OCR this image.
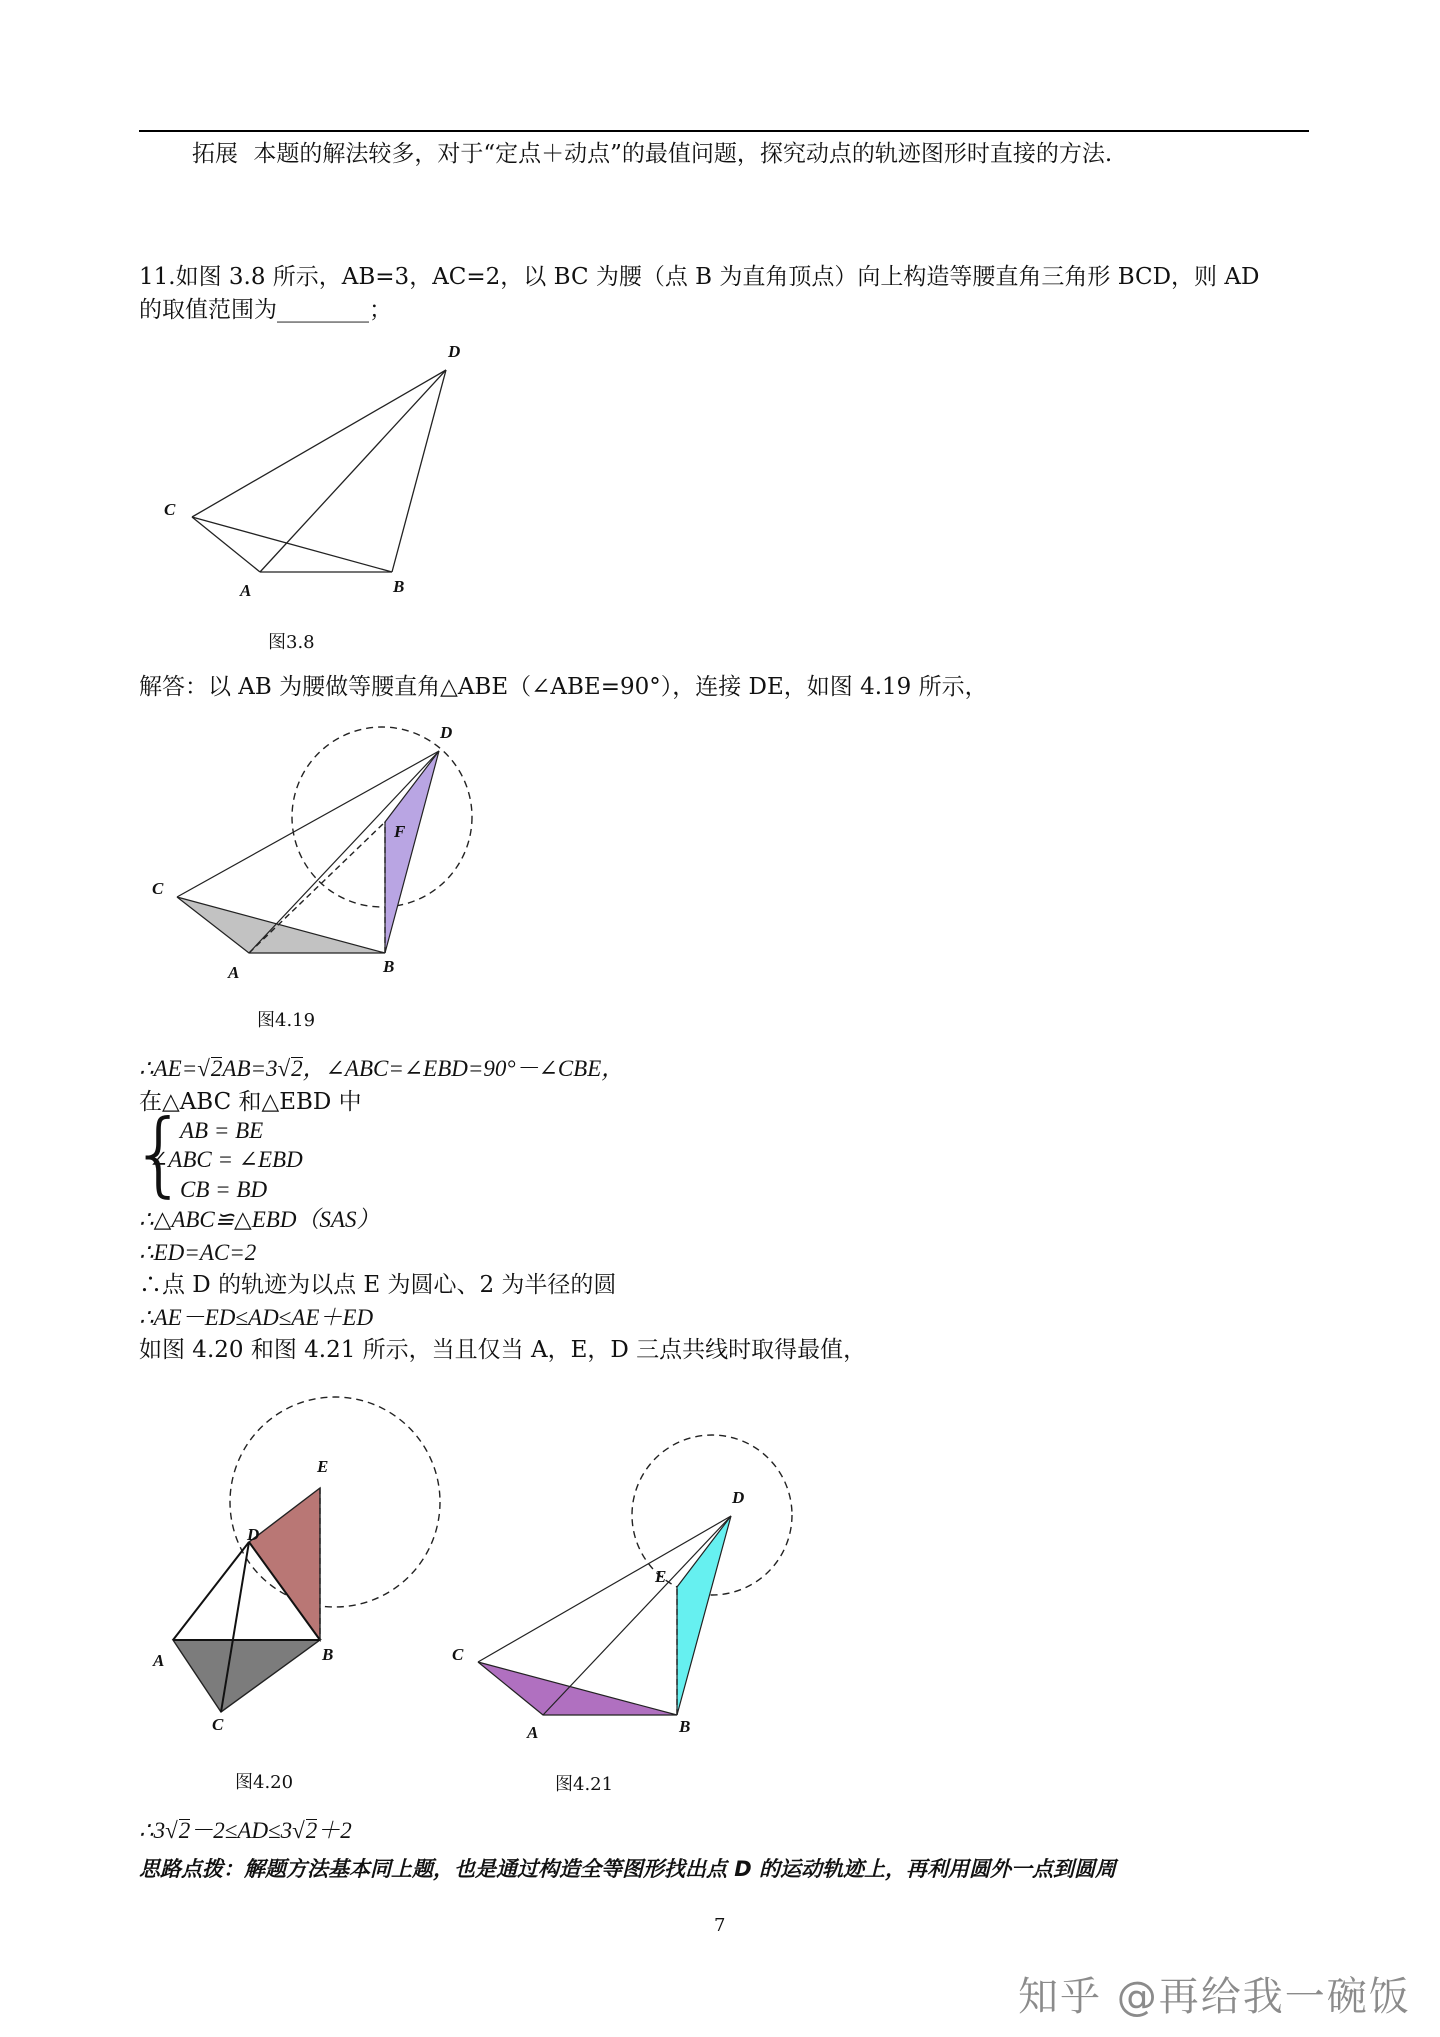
拓展 本题的解法较多，对于“定点＋动点”的最值问题，探究动点的轨迹图形时直接的方法.
11.如图 3.8 所示，AB=3，AC=2，以 BC 为腰（点 B 为直角顶点）向上构造等腰直角三角形 BCD，则 AD
的取值范围为________；
D
C
A	B
图3.8
解答：以 AB 为腰做等腰直角△ABE（∠ABE=90°），连接 DE，如图 4.19 所示，
D
F
C
A	B
图4.19
∴AE=√2AB=3√2，∠ABC=∠EBD=90°－∠CBE，
在△ABC 和△EBD 中
{
AB = BE
∠ABC = ∠EBD
CB = BD
∴△ABC≌△EBD（SAS）
∴ED=AC=2
∴点 D 的轨迹为以点 E 为圆心、2 为半径的圆
∴AE－ED≤AD≤AE＋ED
如图 4.20 和图 4.21 所示，当且仅当 A，E，D 三点共线时取得最值，
E
D
A	B
C
图4.20
D
E
C
A	B
图4.21
∴3√2－2≤AD≤3√2＋2
思路点拨：解题方法基本同上题，也是通过构造全等图形找出点 D 的运动轨迹上，再利用圆外一点到圆周
7
知乎 @再给我一碗饭
